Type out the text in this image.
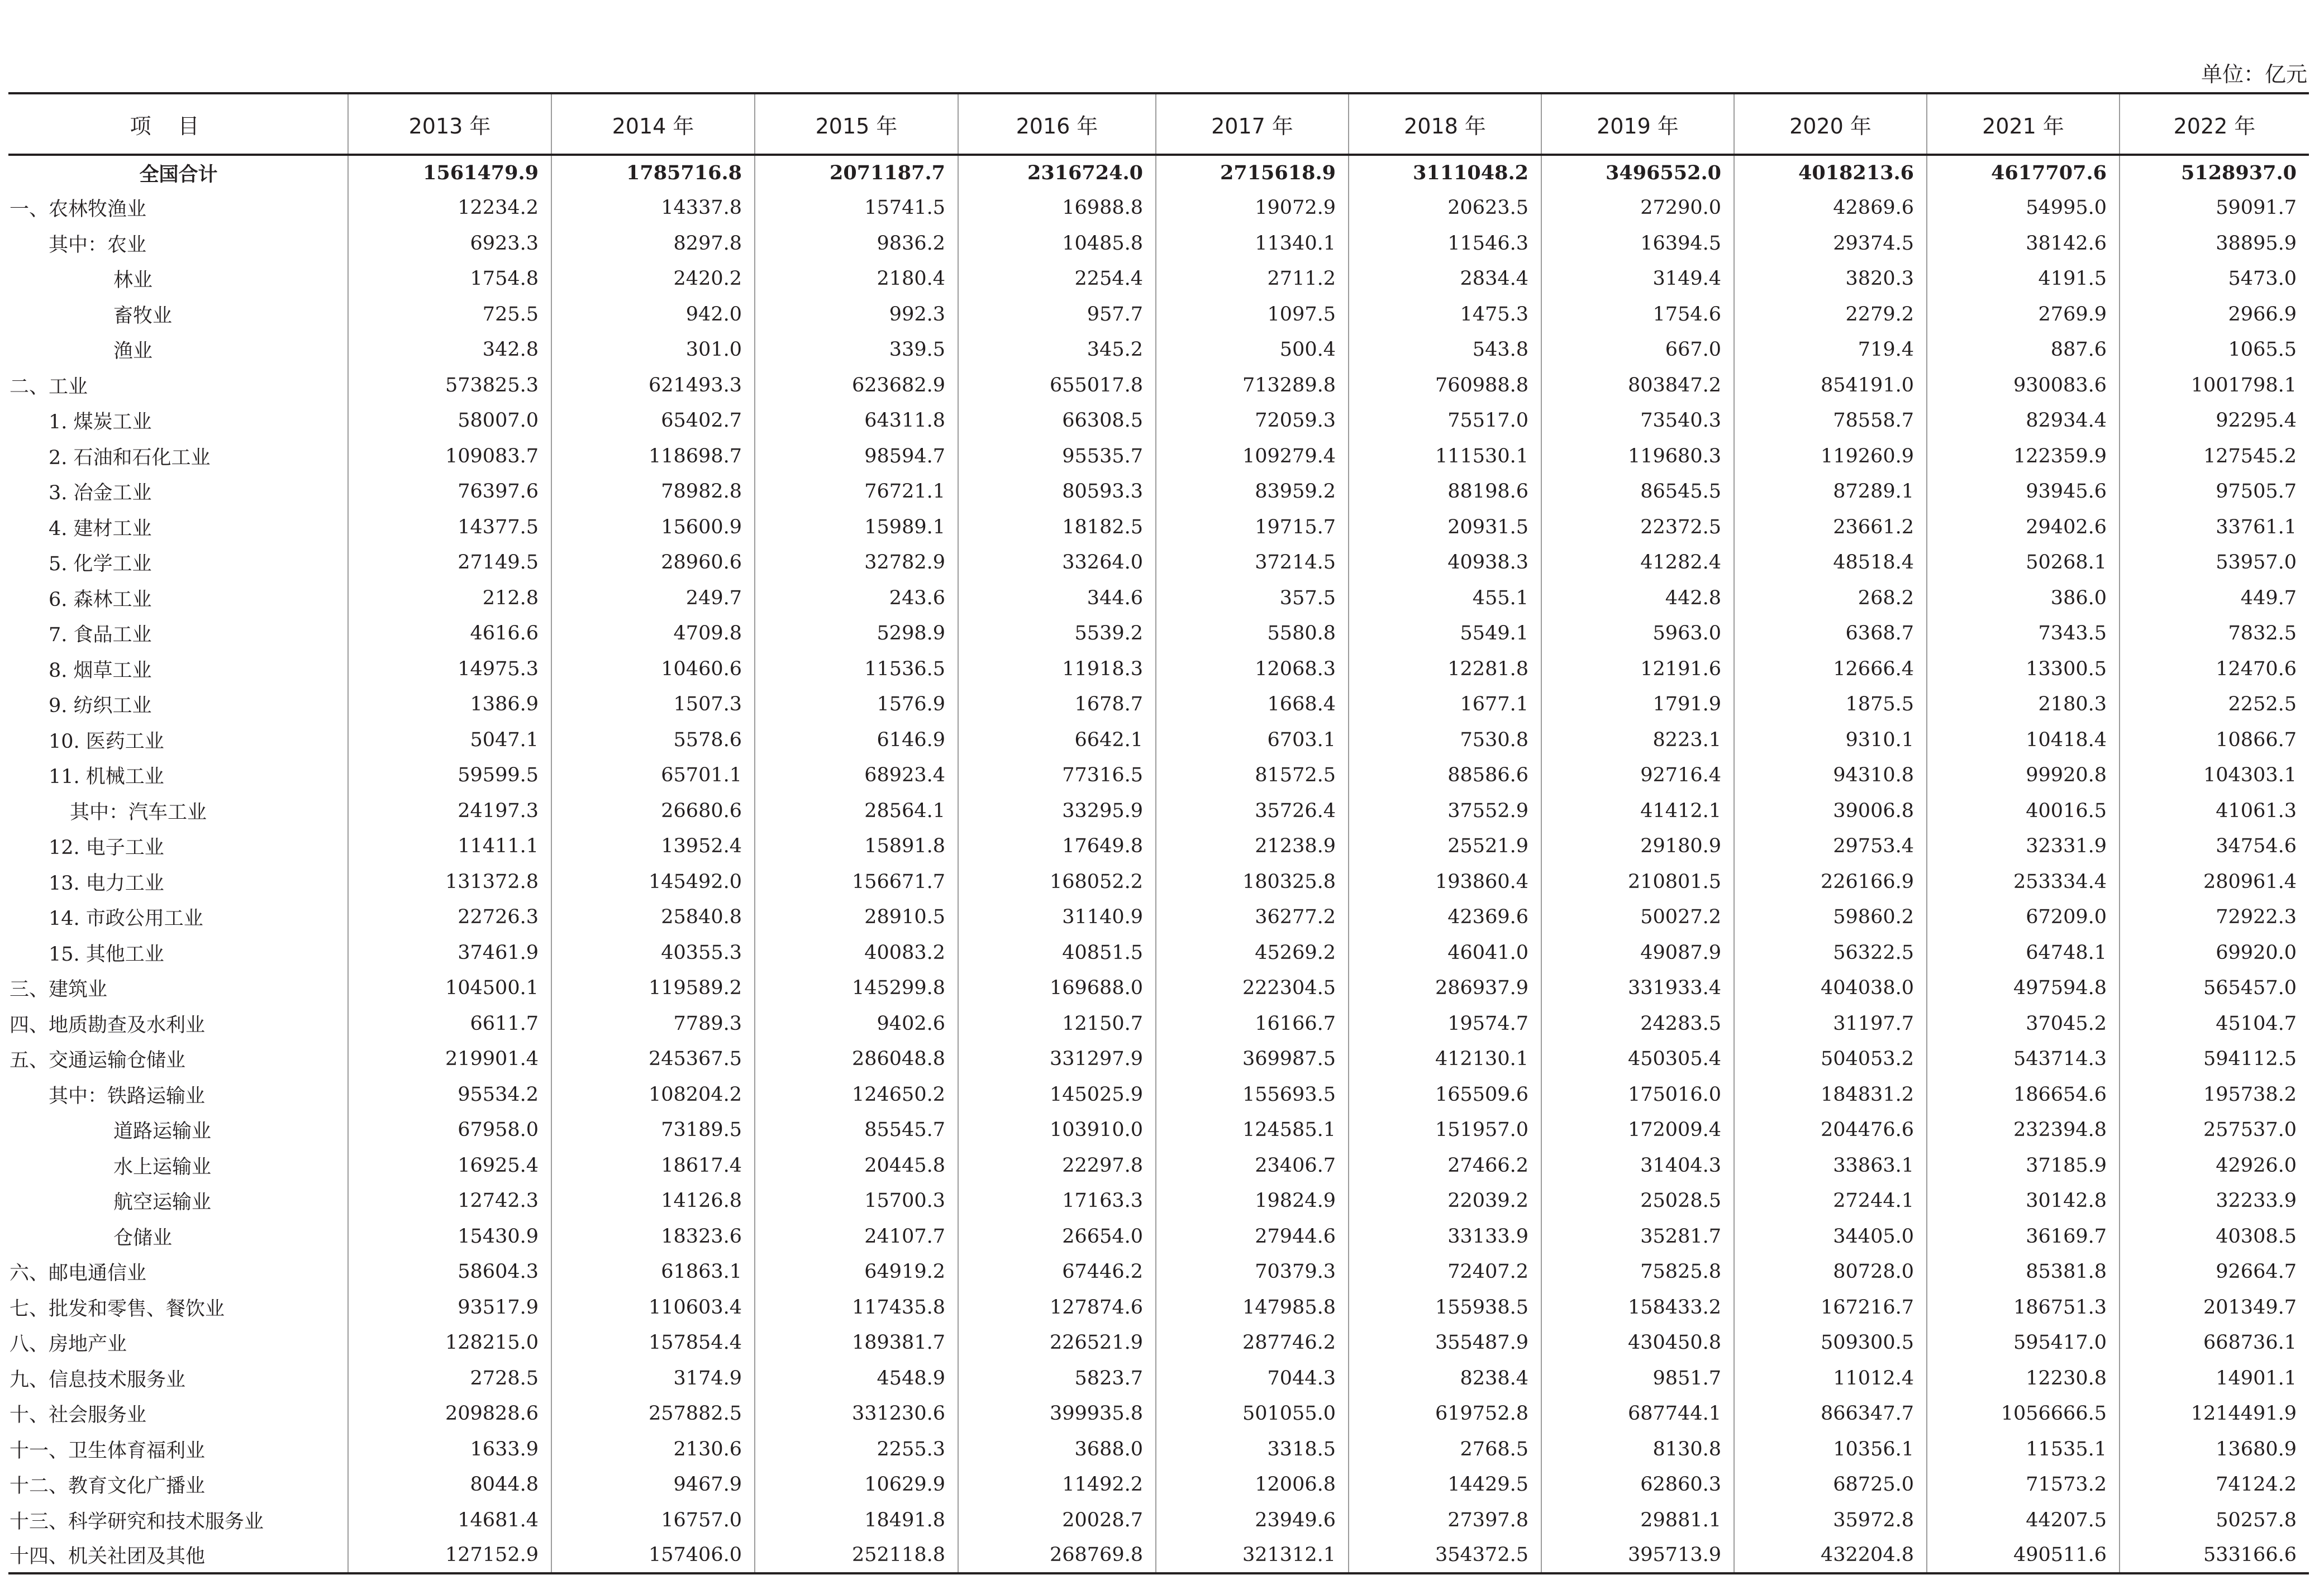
单位：亿元
项目	2013 年	2014 年	2015 年	2016 年	2017 年	2018 年	2019 年	2020 年	2021 年	2022 年
全国合计	1561479.9	1785716.8	2071187.7	2316724.0	2715618.9	3111048.2	3496552.0	4018213.6	4617707.6	5128937.0
一、农林牧渔业	12234.2	14337.8	15741.5	16988.8	19072.9	20623.5	27290.0	42869.6	54995.0	59091.7
其中：农业	6923.3	8297.8	9836.2	10485.8	11340.1	11546.3	16394.5	29374.5	38142.6	38895.9
林业	1754.8	2420.2	2180.4	2254.4	2711.2	2834.4	3149.4	3820.3	4191.5	5473.0
畜牧业	725.5	942.0	992.3	957.7	1097.5	1475.3	1754.6	2279.2	2769.9	2966.9
渔业	342.8	301.0	339.5	345.2	500.4	543.8	667.0	719.4	887.6	1065.5
二、工业	573825.3	621493.3	623682.9	655017.8	713289.8	760988.8	803847.2	854191.0	930083.6	1001798.1
1. 煤炭工业	58007.0	65402.7	64311.8	66308.5	72059.3	75517.0	73540.3	78558.7	82934.4	92295.4
2. 石油和石化工业	109083.7	118698.7	98594.7	95535.7	109279.4	111530.1	119680.3	119260.9	122359.9	127545.2
3. 冶金工业	76397.6	78982.8	76721.1	80593.3	83959.2	88198.6	86545.5	87289.1	93945.6	97505.7
4. 建材工业	14377.5	15600.9	15989.1	18182.5	19715.7	20931.5	22372.5	23661.2	29402.6	33761.1
5. 化学工业	27149.5	28960.6	32782.9	33264.0	37214.5	40938.3	41282.4	48518.4	50268.1	53957.0
6. 森林工业	212.8	249.7	243.6	344.6	357.5	455.1	442.8	268.2	386.0	449.7
7. 食品工业	4616.6	4709.8	5298.9	5539.2	5580.8	5549.1	5963.0	6368.7	7343.5	7832.5
8. 烟草工业	14975.3	10460.6	11536.5	11918.3	12068.3	12281.8	12191.6	12666.4	13300.5	12470.6
9. 纺织工业	1386.9	1507.3	1576.9	1678.7	1668.4	1677.1	1791.9	1875.5	2180.3	2252.5
10. 医药工业	5047.1	5578.6	6146.9	6642.1	6703.1	7530.8	8223.1	9310.1	10418.4	10866.7
11. 机械工业	59599.5	65701.1	68923.4	77316.5	81572.5	88586.6	92716.4	94310.8	99920.8	104303.1
其中：汽车工业	24197.3	26680.6	28564.1	33295.9	35726.4	37552.9	41412.1	39006.8	40016.5	41061.3
12. 电子工业	11411.1	13952.4	15891.8	17649.8	21238.9	25521.9	29180.9	29753.4	32331.9	34754.6
13. 电力工业	131372.8	145492.0	156671.7	168052.2	180325.8	193860.4	210801.5	226166.9	253334.4	280961.4
14. 市政公用工业	22726.3	25840.8	28910.5	31140.9	36277.2	42369.6	50027.2	59860.2	67209.0	72922.3
15. 其他工业	37461.9	40355.3	40083.2	40851.5	45269.2	46041.0	49087.9	56322.5	64748.1	69920.0
三、建筑业	104500.1	119589.2	145299.8	169688.0	222304.5	286937.9	331933.4	404038.0	497594.8	565457.0
四、地质勘查及水利业	6611.7	7789.3	9402.6	12150.7	16166.7	19574.7	24283.5	31197.7	37045.2	45104.7
五、交通运输仓储业	219901.4	245367.5	286048.8	331297.9	369987.5	412130.1	450305.4	504053.2	543714.3	594112.5
其中：铁路运输业	95534.2	108204.2	124650.2	145025.9	155693.5	165509.6	175016.0	184831.2	186654.6	195738.2
道路运输业	67958.0	73189.5	85545.7	103910.0	124585.1	151957.0	172009.4	204476.6	232394.8	257537.0
水上运输业	16925.4	18617.4	20445.8	22297.8	23406.7	27466.2	31404.3	33863.1	37185.9	42926.0
航空运输业	12742.3	14126.8	15700.3	17163.3	19824.9	22039.2	25028.5	27244.1	30142.8	32233.9
仓储业	15430.9	18323.6	24107.7	26654.0	27944.6	33133.9	35281.7	34405.0	36169.7	40308.5
六、邮电通信业	58604.3	61863.1	64919.2	67446.2	70379.3	72407.2	75825.8	80728.0	85381.8	92664.7
七、批发和零售、餐饮业	93517.9	110603.4	117435.8	127874.6	147985.8	155938.5	158433.2	167216.7	186751.3	201349.7
八、房地产业	128215.0	157854.4	189381.7	226521.9	287746.2	355487.9	430450.8	509300.5	595417.0	668736.1
九、信息技术服务业	2728.5	3174.9	4548.9	5823.7	7044.3	8238.4	9851.7	11012.4	12230.8	14901.1
十、社会服务业	209828.6	257882.5	331230.6	399935.8	501055.0	619752.8	687744.1	866347.7	1056666.5	1214491.9
十一、卫生体育福利业	1633.9	2130.6	2255.3	3688.0	3318.5	2768.5	8130.8	10356.1	11535.1	13680.9
十二、教育文化广播业	8044.8	9467.9	10629.9	11492.2	12006.8	14429.5	62860.3	68725.0	71573.2	74124.2
十三、科学研究和技术服务业	14681.4	16757.0	18491.8	20028.7	23949.6	27397.8	29881.1	35972.8	44207.5	50257.8
十四、机关社团及其他	127152.9	157406.0	252118.8	268769.8	321312.1	354372.5	395713.9	432204.8	490511.6	533166.6
